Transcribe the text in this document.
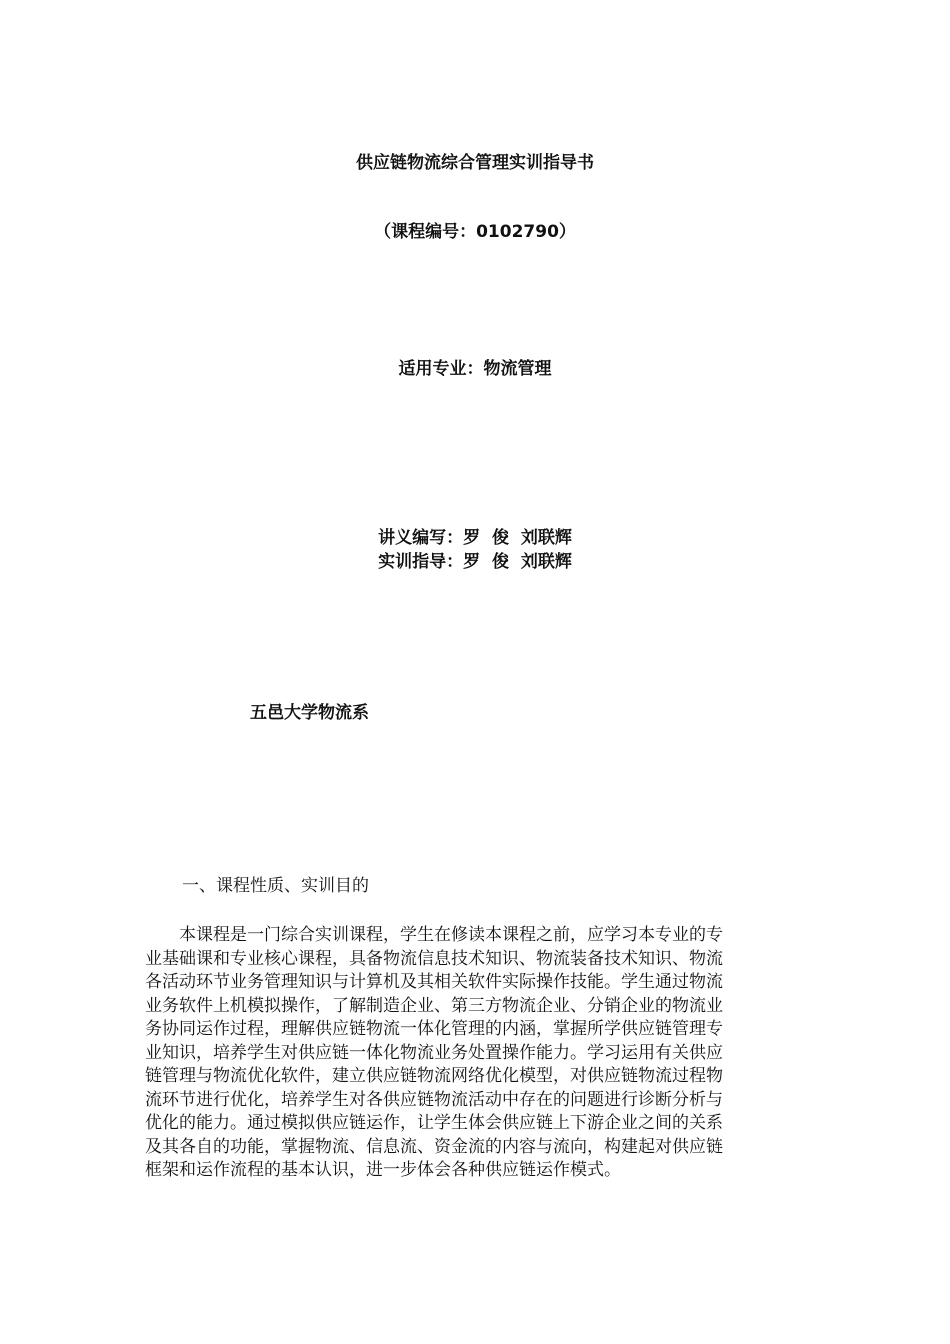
供应链物流综合管理实训指导书
（课程编号：0102790）
适用专业：物流管理
讲义编写：罗  俊  刘联辉
实训指导：罗  俊  刘联辉
五邑大学物流系
一、课程性质、实训目的
　　本课程是一门综合实训课程，学生在修读本课程之前，应学习本专业的专
业基础课和专业核心课程，具备物流信息技术知识、物流装备技术知识、物流
各活动环节业务管理知识与计算机及其相关软件实际操作技能。学生通过物流
业务软件上机模拟操作，了解制造企业、第三方物流企业、分销企业的物流业
务协同运作过程，理解供应链物流一体化管理的内涵，掌握所学供应链管理专
业知识，培养学生对供应链一体化物流业务处置操作能力。学习运用有关供应
链管理与物流优化软件，建立供应链物流网络优化模型，对供应链物流过程物
流环节进行优化，培养学生对各供应链物流活动中存在的问题进行诊断分析与
优化的能力。通过模拟供应链运作，让学生体会供应链上下游企业之间的关系
及其各自的功能，掌握物流、信息流、资金流的内容与流向，构建起对供应链
框架和运作流程的基本认识，进一步体会各种供应链运作模式。
